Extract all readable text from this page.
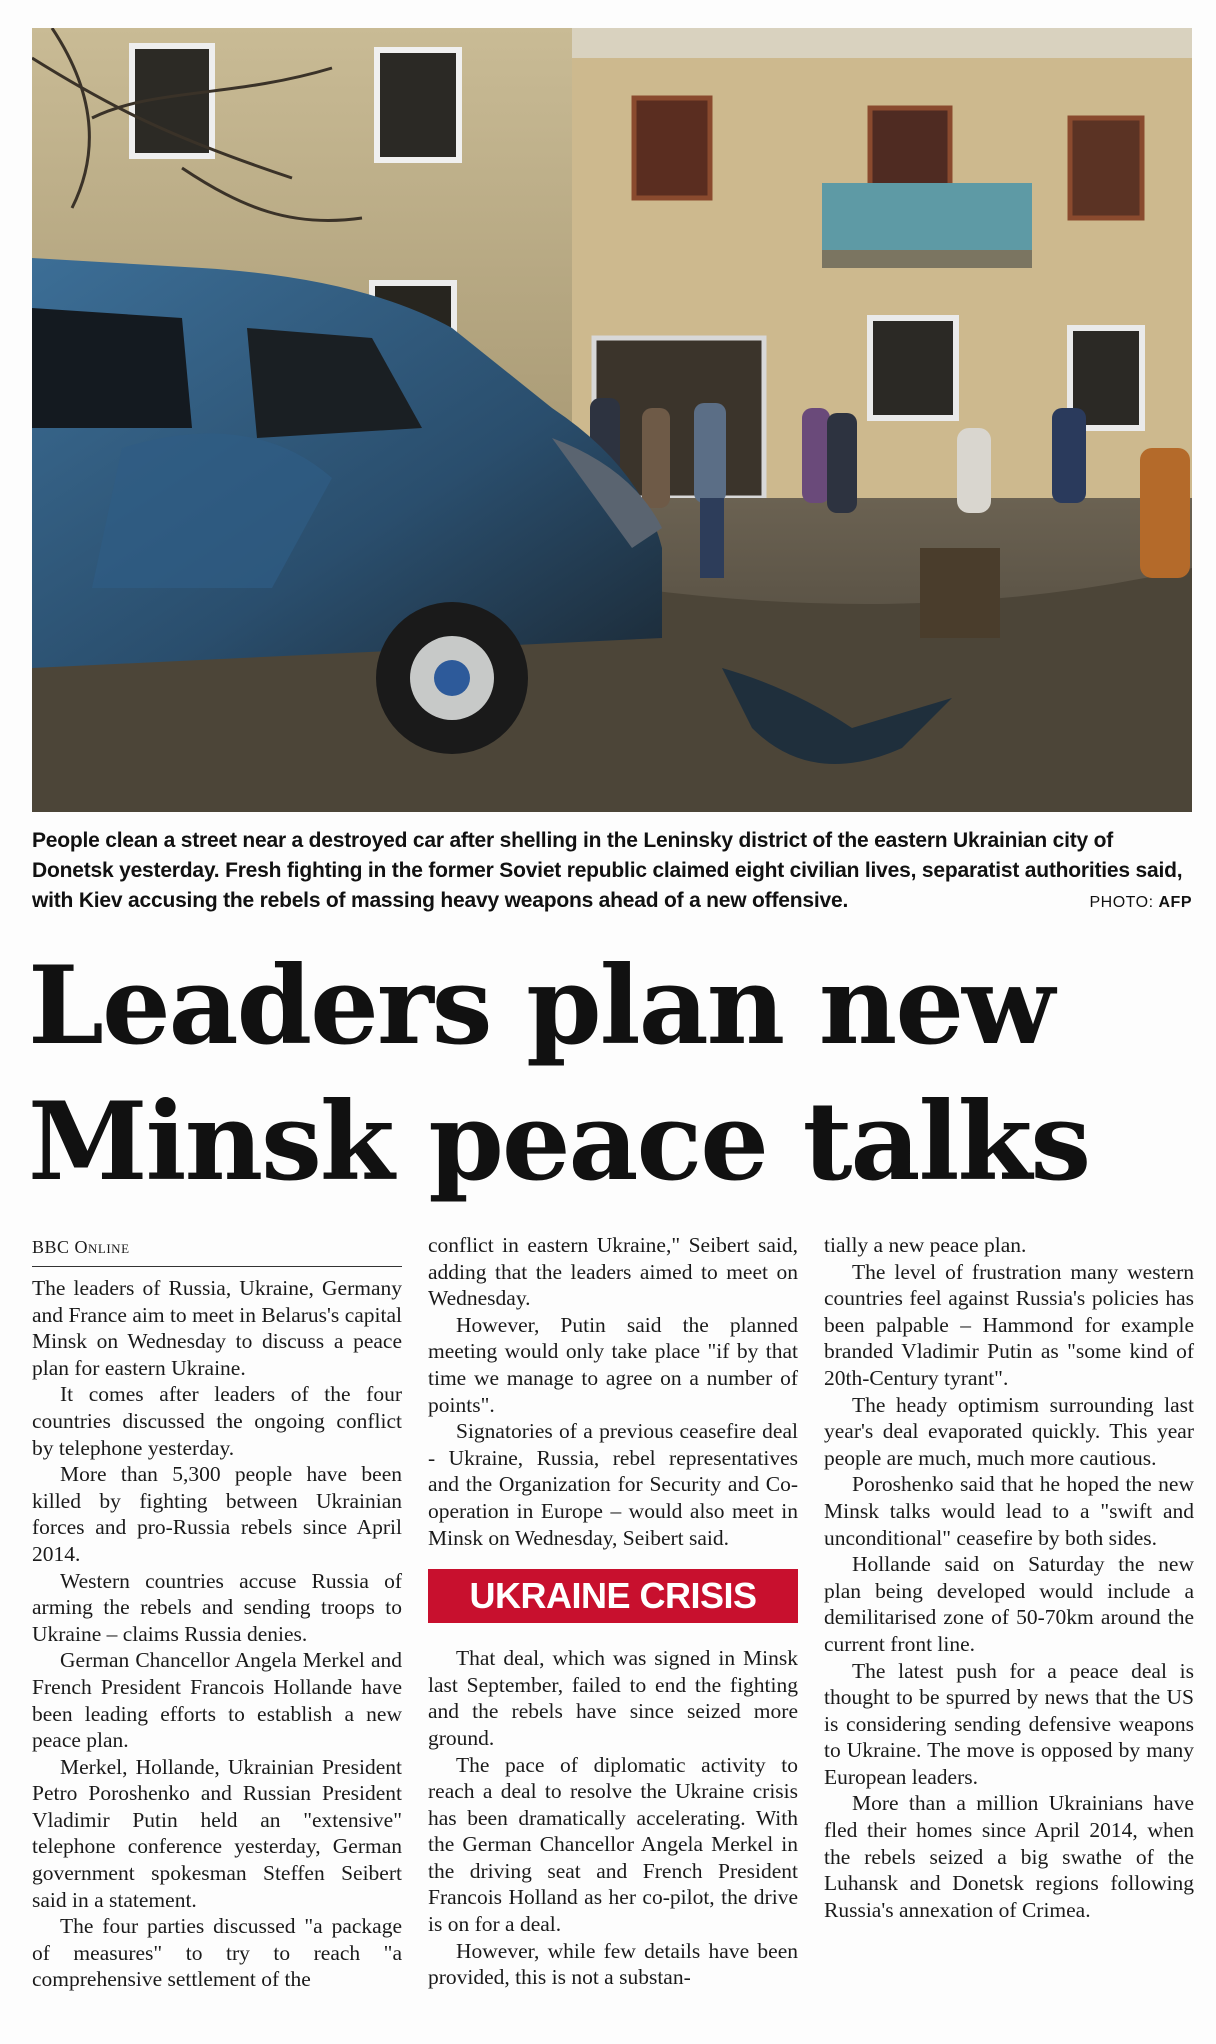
People clean a street near a destroyed car after shelling in the Leninsky district of the eastern Ukrainian city of Donetsk yesterday. Fresh fighting in the former Soviet republic claimed eight civilian lives, separatist authorities said, with Kiev accusing the rebels of massing heavy weapons ahead of a new offensive.	PHOTO: AFP

Leaders plan new
Minsk peace talks
BBC Online

The leaders of Russia, Ukraine, Germany and France aim to meet in Belarus's capital Minsk on Wednesday to discuss a peace plan for eastern Ukraine.

It comes after leaders of the four countries discussed the ongoing conflict by telephone yesterday.

More than 5,300 people have been killed by fighting between Ukrainian forces and pro-Russia rebels since April 2014.

Western countries accuse Russia of arming the rebels and sending troops to Ukraine – claims Russia denies.

German Chancellor Angela Merkel and French President Francois Hollande have been leading efforts to establish a new peace plan.

Merkel, Hollande, Ukrainian President Petro Poroshenko and Russian President Vladimir Putin held an "extensive" telephone conference yesterday, German government spokesman Steffen Seibert said in a statement.

The four parties discussed "a package of measures" to try to reach "a comprehensive settlement of the

conflict in eastern Ukraine," Seibert said, adding that the leaders aimed to meet on Wednesday.

However, Putin said the planned meeting would only take place "if by that time we manage to agree on a number of points".

Signatories of a previous ceasefire deal - Ukraine, Russia, rebel representatives and the Organization for Security and Co-operation in Europe – would also meet in Minsk on Wednesday, Seibert said.

UKRAINE CRISIS

That deal, which was signed in Minsk last September, failed to end the fighting and the rebels have since seized more ground.

The pace of diplomatic activity to reach a deal to resolve the Ukraine crisis has been dramatically accelerating. With the German Chancellor Angela Merkel in the driving seat and French President Francois Holland as her co-pilot, the drive is on for a deal.

However, while few details have been provided, this is not a substan-

tially a new peace plan.

The level of frustration many western countries feel against Russia's policies has been palpable – Hammond for example branded Vladimir Putin as "some kind of 20th-Century tyrant".

The heady optimism surrounding last year's deal evaporated quickly. This year people are much, much more cautious.

Poroshenko said that he hoped the new Minsk talks would lead to a "swift and unconditional" ceasefire by both sides.

Hollande said on Saturday the new plan being developed would include a demilitarised zone of 50-70km around the current front line.

The latest push for a peace deal is thought to be spurred by news that the US is considering sending defensive weapons to Ukraine. The move is opposed by many European leaders.

More than a million Ukrainians have fled their homes since April 2014, when the rebels seized a big swathe of the Luhansk and Donetsk regions following Russia's annexation of Crimea.
